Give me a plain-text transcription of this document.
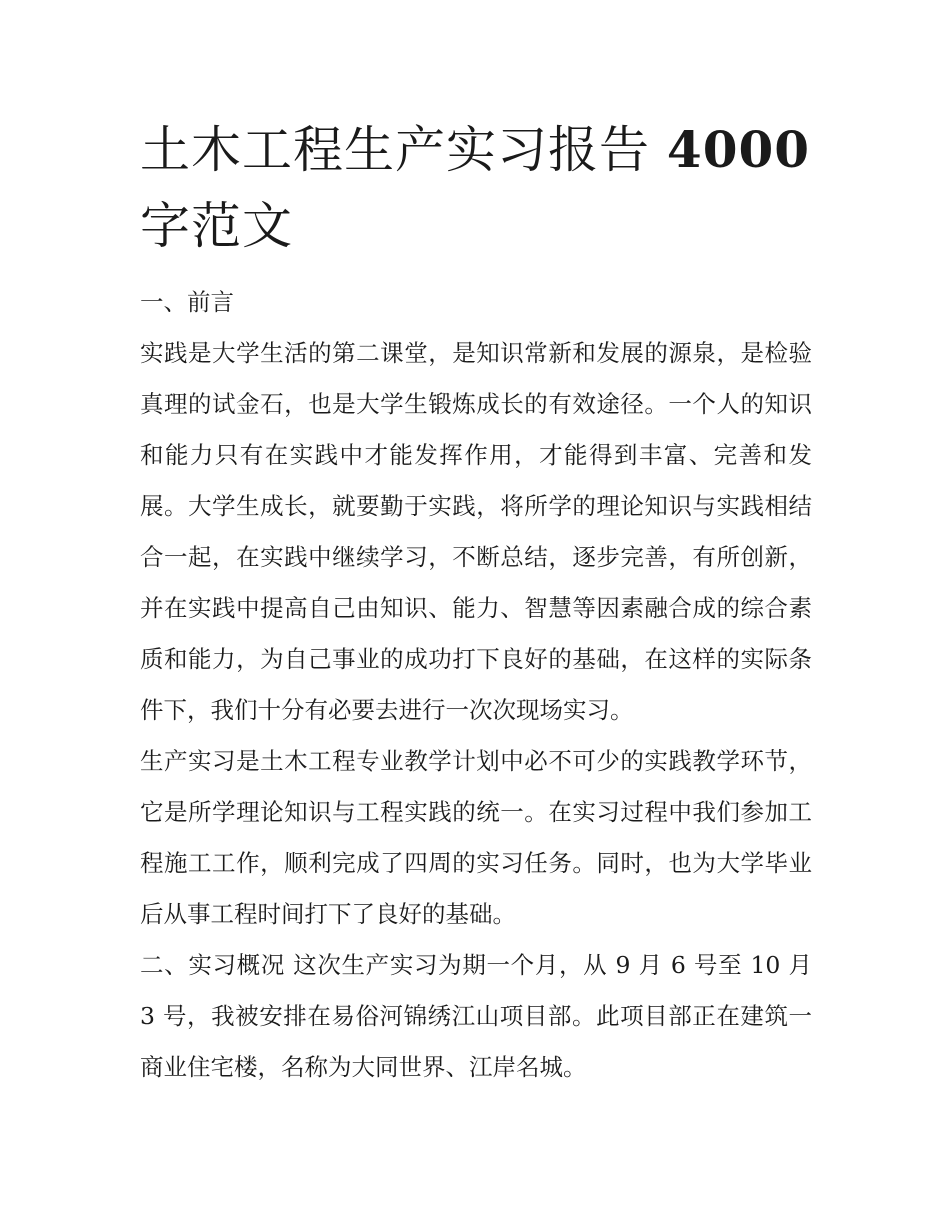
土木工程生产实习报告 4000
字范文
一、前言

实践是大学生活的第二课堂，是知识常新和发展的源泉，是检验真理的试金石，也是大学生锻炼成长的有效途径。一个人的知识和能力只有在实践中才能发挥作用，才能得到丰富、完善和发展。大学生成长，就要勤于实践，将所学的理论知识与实践相结合一起，在实践中继续学习，不断总结，逐步完善，有所创新，并在实践中提高自己由知识、能力、智慧等因素融合成的综合素质和能力，为自己事业的成功打下良好的基础，在这样的实际条件下，我们十分有必要去进行一次次现场实习。

生产实习是土木工程专业教学计划中必不可少的实践教学环节，它是所学理论知识与工程实践的统一。在实习过程中我们参加工程施工工作，顺利完成了四周的实习任务。同时，也为大学毕业后从事工程时间打下了良好的基础。

二、实习概况 这次生产实习为期一个月，从 9 月 6 号至 10 月 3 号，我被安排在易俗河锦绣江山项目部。此项目部正在建筑一商业住宅楼，名称为大同世界、江岸名城。
